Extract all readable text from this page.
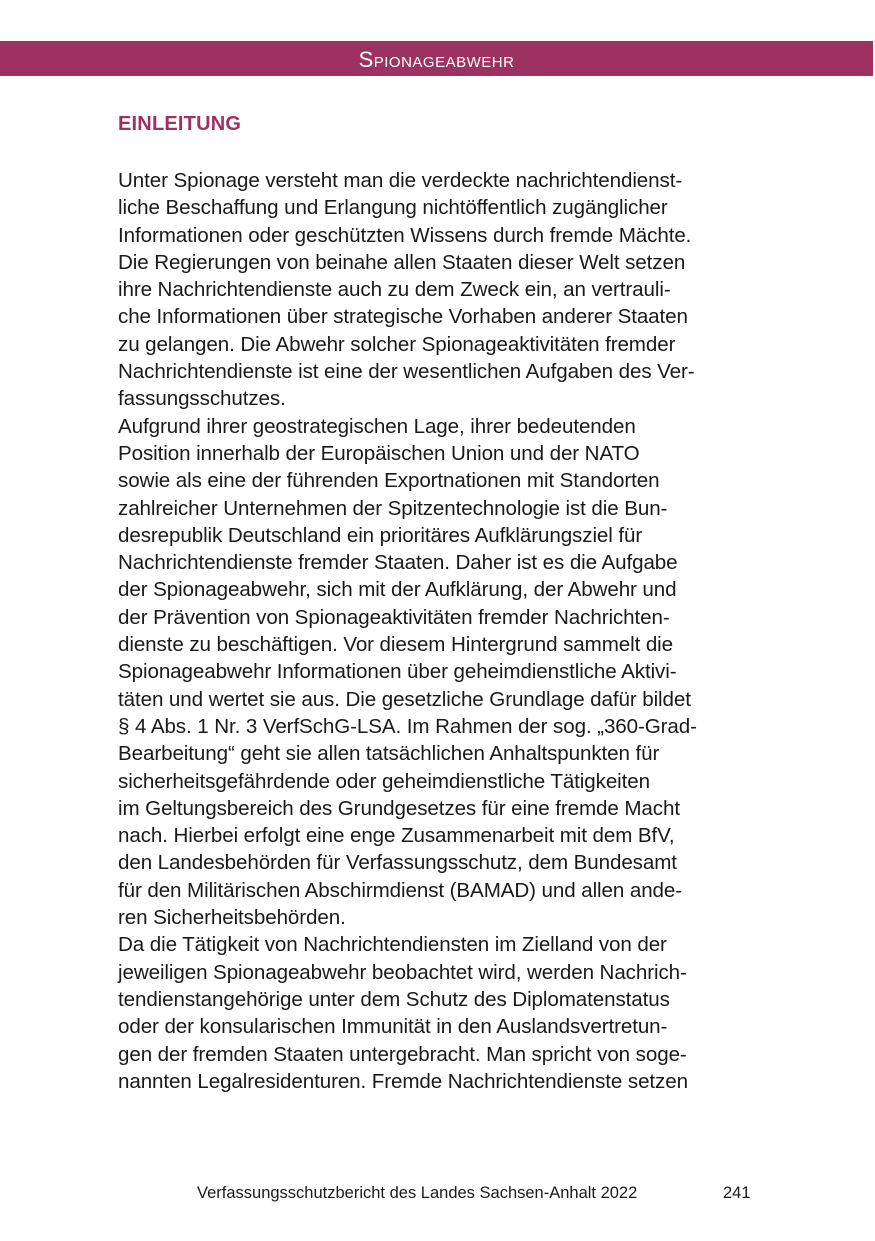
Spionageabwehr
EINLEITUNG
Unter Spionage versteht man die verdeckte nachrichtendienst-
liche Beschaffung und Erlangung nichtöffentlich zugänglicher
Informationen oder geschützten Wissens durch fremde Mächte.
Die Regierungen von beinahe allen Staaten dieser Welt setzen
ihre Nachrichtendienste auch zu dem Zweck ein, an vertrauli-
che Informationen über strategische Vorhaben anderer Staaten
zu gelangen. Die Abwehr solcher Spionageaktivitäten fremder
Nachrichtendienste ist eine der wesentlichen Aufgaben des Ver-
fassungsschutzes.
Aufgrund ihrer geostrategischen Lage, ihrer bedeutenden
Position innerhalb der Europäischen Union und der NATO
sowie als eine der führenden Exportnationen mit Standorten
zahlreicher Unternehmen der Spitzentechnologie ist die Bun-
desrepublik Deutschland ein prioritäres Aufklärungsziel für
Nachrichtendienste fremder Staaten. Daher ist es die Aufgabe
der Spionageabwehr, sich mit der Aufklärung, der Abwehr und
der Prävention von Spionageaktivitäten fremder Nachrichten-
dienste zu beschäftigen. Vor diesem Hintergrund sammelt die
Spionageabwehr Informationen über geheimdienstliche Aktivi-
täten und wertet sie aus. Die gesetzliche Grundlage dafür bildet
§ 4 Abs. 1 Nr. 3 VerfSchG-LSA. Im Rahmen der sog. „360-Grad-
Bearbeitung“ geht sie allen tatsächlichen Anhaltspunkten für
sicherheitsgefährdende oder geheimdienstliche Tätigkeiten
im Geltungsbereich des Grundgesetzes für eine fremde Macht
nach. Hierbei erfolgt eine enge Zusammenarbeit mit dem BfV,
den Landesbehörden für Verfassungsschutz, dem Bundesamt
für den Militärischen Abschirmdienst (BAMAD) und allen ande-
ren Sicherheitsbehörden.
Da die Tätigkeit von Nachrichtendiensten im Zielland von der
jeweiligen Spionageabwehr beobachtet wird, werden Nachrich-
tendienstangehörige unter dem Schutz des Diplomatenstatus
oder der konsularischen Immunität in den Auslandsvertretun-
gen der fremden Staaten untergebracht. Man spricht von soge-
nannten Legalresidenturen. Fremde Nachrichtendienste setzen
Verfassungsschutzbericht des Landes Sachsen-Anhalt 2022	241
